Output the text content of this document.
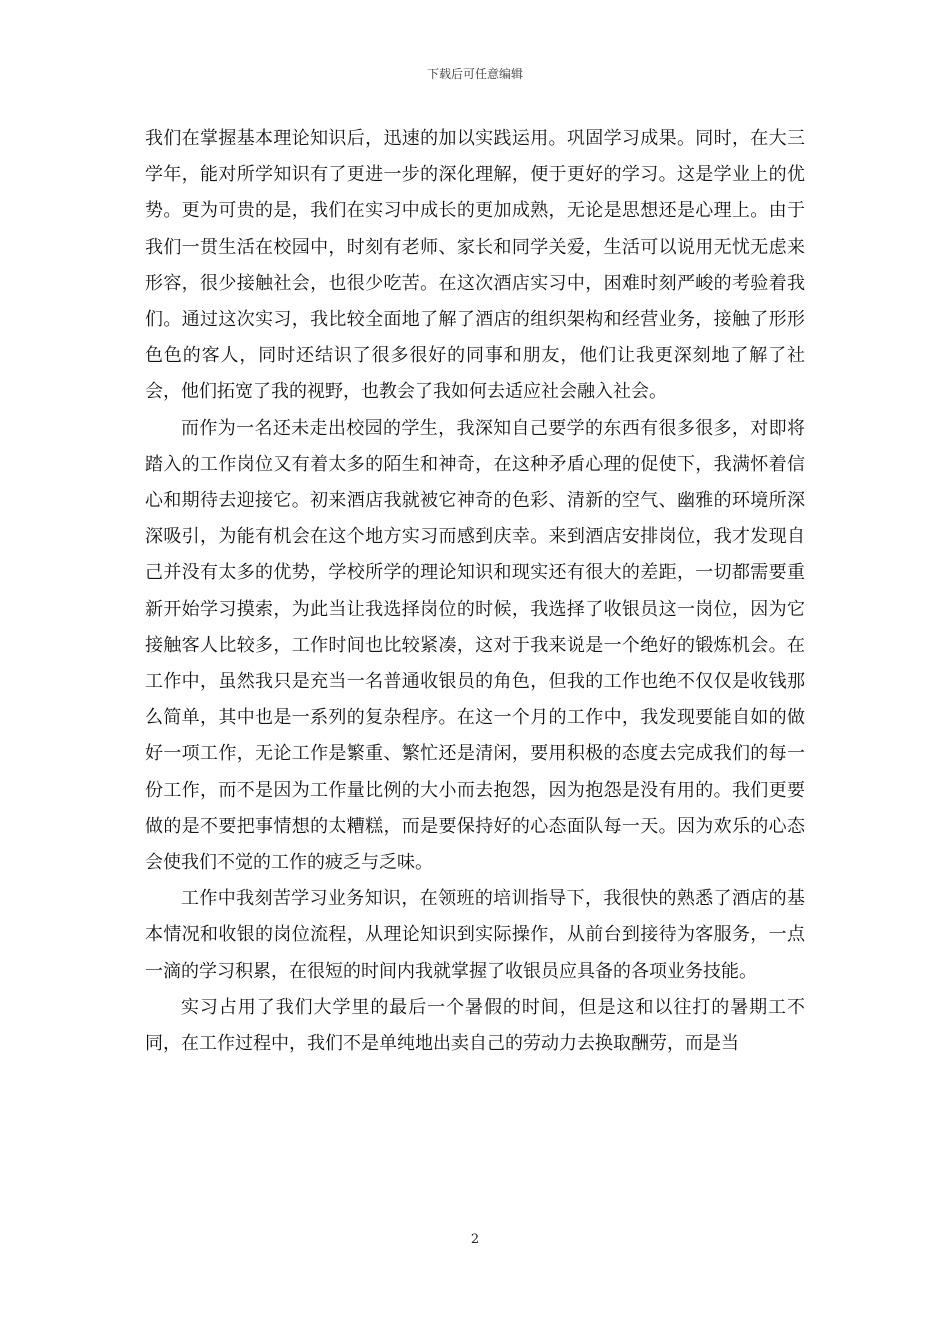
下载后可任意编辑

我们在掌握基本理论知识后，迅速的加以实践运用。巩固学习成果。同时，在大三学年，能对所学知识有了更进一步的深化理解，便于更好的学习。这是学业上的优势。更为可贵的是，我们在实习中成长的更加成熟，无论是思想还是心理上。由于我们一贯生活在校园中，时刻有老师、家长和同学关爱，生活可以说用无忧无虑来形容，很少接触社会，也很少吃苦。在这次酒店实习中，困难时刻严峻的考验着我们。通过这次实习，我比较全面地了解了酒店的组织架构和经营业务，接触了形形色色的客人，同时还结识了很多很好的同事和朋友，他们让我更深刻地了解了社会，他们拓宽了我的视野，也教会了我如何去适应社会融入社会。

而作为一名还未走出校园的学生，我深知自己要学的东西有很多很多，对即将踏入的工作岗位又有着太多的陌生和神奇，在这种矛盾心理的促使下，我满怀着信心和期待去迎接它。初来酒店我就被它神奇的色彩、清新的空气、幽雅的环境所深深吸引，为能有机会在这个地方实习而感到庆幸。来到酒店安排岗位，我才发现自己并没有太多的优势，学校所学的理论知识和现实还有很大的差距，一切都需要重新开始学习摸索，为此当让我选择岗位的时候，我选择了收银员这一岗位，因为它接触客人比较多，工作时间也比较紧凑，这对于我来说是一个绝好的锻炼机会。在工作中，虽然我只是充当一名普通收银员的角色，但我的工作也绝不仅仅是收钱那么简单，其中也是一系列的复杂程序。在这一个月的工作中，我发现要能自如的做好一项工作，无论工作是繁重、繁忙还是清闲，要用积极的态度去完成我们的每一份工作，而不是因为工作量比例的大小而去抱怨，因为抱怨是没有用的。我们更要做的是不要把事情想的太糟糕，而是要保持好的心态面队每一天。因为欢乐的心态会使我们不觉的工作的疲乏与乏味。

工作中我刻苦学习业务知识，在领班的培训指导下，我很快的熟悉了酒店的基本情况和收银的岗位流程，从理论知识到实际操作，从前台到接待为客服务，一点一滴的学习积累，在很短的时间内我就掌握了收银员应具备的各项业务技能。

实习占用了我们大学里的最后一个暑假的时间，但是这和以往打的暑期工不同，在工作过程中，我们不是单纯地出卖自己的劳动力去换取酬劳，而是当

2
